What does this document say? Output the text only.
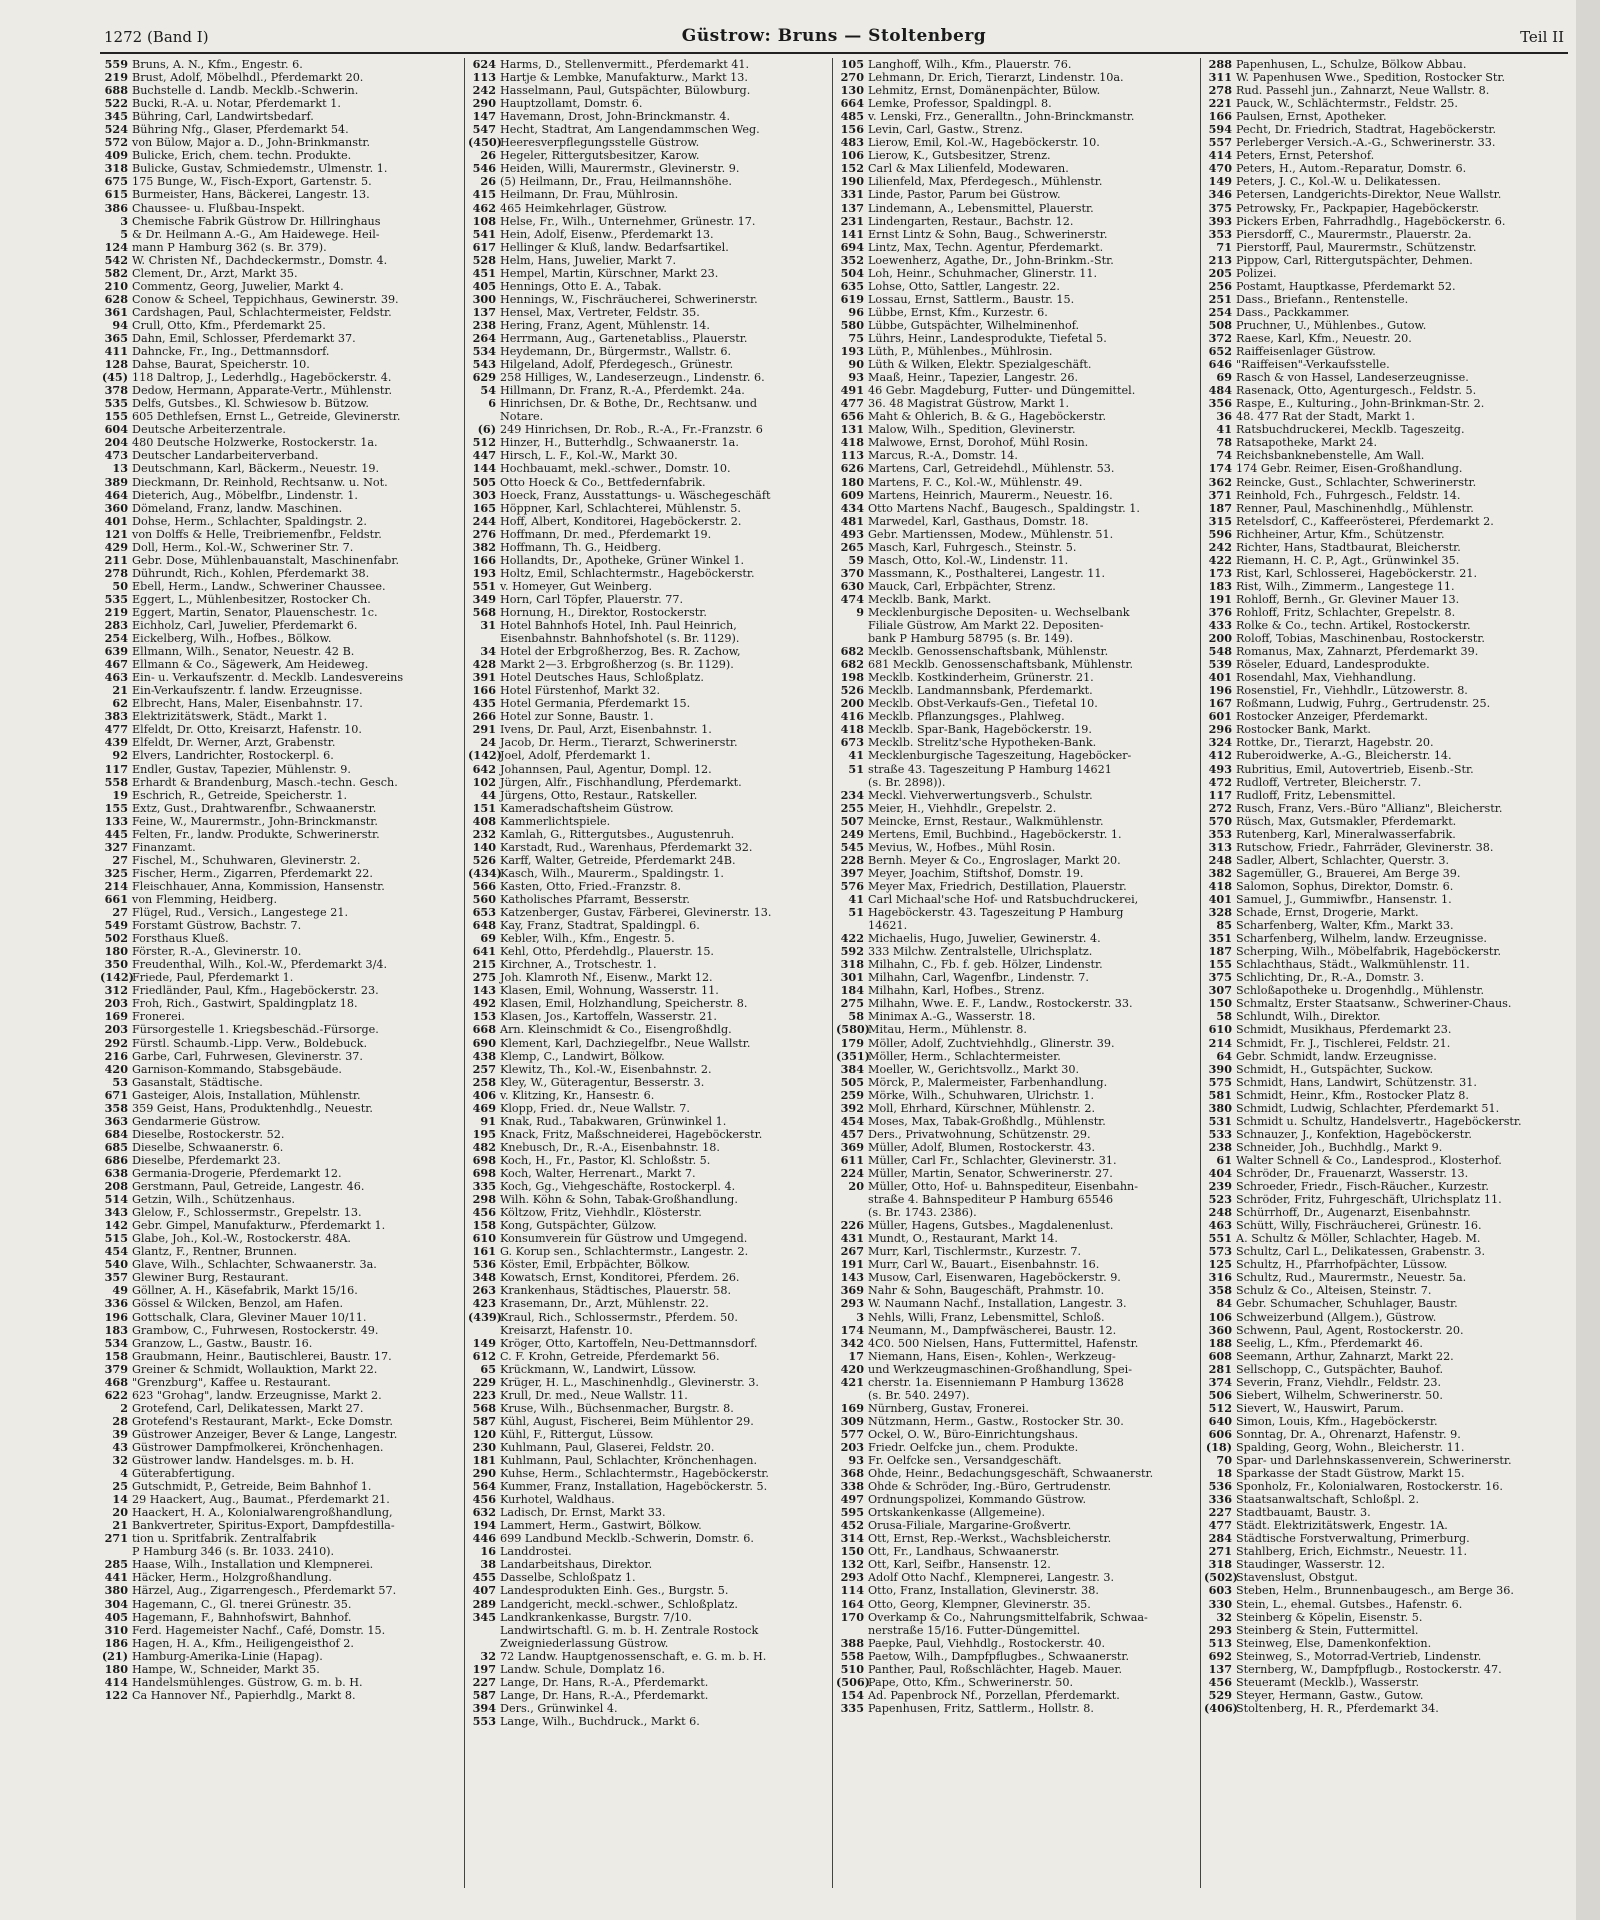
1272 (Band I)	Güstrow: Bruns — Stoltenberg	Teil II
559 Bruns, A. N., Kfm., Engestr. 6.
219 Brust, Adolf, Möbelhdl., Pferdemarkt 20.
688 Buchstelle d. Landb. Mecklb.-Schwerin.
522 Bucki, R.-A. u. Notar, Pferdemarkt 1.
345 Bühring, Carl, Landwirtsbedarf.
524 Bühring Nfg., Glaser, Pferdemarkt 54.
572 von Bülow, Major a. D., John-Brinkmanstr.
409 Bulicke, Erich, chem. techn. Produkte.
318 Bulicke, Gustav, Schmiedemstr., Ulmenstr. 1.
675 175 Bunge, W., Fisch-Export, Gartenstr. 5.
615 Burmeister, Hans, Bäckerei, Langestr. 13.
386 Chaussee- u. Flußbau-Inspekt.
3 Chemische Fabrik Güstrow Dr. Hillringhaus
5 & Dr. Heilmann A.-G., Am Haidewege. Heil-
124 mann P Hamburg 362 (s. Br. 379).
542 W. Christen Nf., Dachdeckermstr., Domstr. 4.
582 Clement, Dr., Arzt, Markt 35.
210 Commentz, Georg, Juwelier, Markt 4.
628 Conow & Scheel, Teppichhaus, Gewinerstr. 39.
361 Cardshagen, Paul, Schlachtermeister, Feldstr.
94 Crull, Otto, Kfm., Pferdemarkt 25.
365 Dahn, Emil, Schlosser, Pferdemarkt 37.
411 Dahncke, Fr., Ing., Dettmannsdorf.
128 Dahse, Baurat, Speicherstr. 10.
(45) 118 Daltrop, J., Lederhdlg., Hageböckerstr. 4.
378 Dedow, Hermann, Apparate-Vertr., Mühlenstr.
535 Delfs, Gutsbes., Kl. Schwiesow b. Bützow.
155 605 Dethlefsen, Ernst L., Getreide, Glevinerstr.
604 Deutsche Arbeiterzentrale.
204 480 Deutsche Holzwerke, Rostockerstr. 1a.
473 Deutscher Landarbeiterverband.
13 Deutschmann, Karl, Bäckerm., Neuestr. 19.
389 Dieckmann, Dr. Reinhold, Rechtsanw. u. Not.
464 Dieterich, Aug., Möbelfbr., Lindenstr. 1.
360 Dömeland, Franz, landw. Maschinen.
401 Dohse, Herm., Schlachter, Spaldingstr. 2.
121 von Dolffs & Helle, Treibriemenfbr., Feldstr.
429 Doll, Herm., Kol.-W., Schweriner Str. 7.
211 Gebr. Dose, Mühlenbauanstalt, Maschinenfabr.
278 Dührundt, Rich., Kohlen, Pferdemarkt 38.
50 Ebell, Herm., Landw., Schweriner Chaussee.
535 Eggert, L., Mühlenbesitzer, Rostocker Ch.
219 Eggert, Martin, Senator, Plauenschestr. 1c.
283 Eichholz, Carl, Juwelier, Pferdemarkt 6.
254 Eickelberg, Wilh., Hofbes., Bölkow.
639 Ellmann, Wilh., Senator, Neuestr. 42 B.
467 Ellmann & Co., Sägewerk, Am Heideweg.
463 Ein- u. Verkaufszentr. d. Mecklb. Landesvereins
21 Ein-Verkaufszentr. f. landw. Erzeugnisse.
62 Elbrecht, Hans, Maler, Eisenbahnstr. 17.
383 Elektrizitätswerk, Städt., Markt 1.
477 Elfeldt, Dr. Otto, Kreisarzt, Hafenstr. 10.
439 Elfeldt, Dr. Werner, Arzt, Grabenstr.
92 Elvers, Landrichter, Rostockerpl. 6.
117 Endler, Gustav, Tapezier, Mühlenstr. 9.
558 Erhardt & Brandenburg, Masch.-techn. Gesch.
19 Eschrich, R., Getreide, Speicherstr. 1.
155 Extz, Gust., Drahtwarenfbr., Schwaanerstr.
133 Feine, W., Maurermstr., John-Brinckmanstr.
445 Felten, Fr., landw. Produkte, Schwerinerstr.
327 Finanzamt.
27 Fischel, M., Schuhwaren, Glevinerstr. 2.
325 Fischer, Herm., Zigarren, Pferdemarkt 22.
214 Fleischhauer, Anna, Kommission, Hansenstr.
661 von Flemming, Heidberg.
27 Flügel, Rud., Versich., Langestege 21.
549 Forstamt Güstrow, Bachstr. 7.
502 Forsthaus Klueß.
180 Förster, R.-A., Glevinerstr. 10.
350 Freudenthal, Wilh., Kol.-W., Pferdemarkt 3/4.
(142)Friede, Paul, Pferdemarkt 1.
312 Friedländer, Paul, Kfm., Hageböckerstr. 23.
203 Froh, Rich., Gastwirt, Spaldingplatz 18.
169 Fronerei.
203 Fürsorgestelle 1. Kriegsbeschäd.-Fürsorge.
292 Fürstl. Schaumb.-Lipp. Verw., Boldebuck.
216 Garbe, Carl, Fuhrwesen, Glevinerstr. 37.
420 Garnison-Kommando, Stabsgebäude.
53 Gasanstalt, Städtische.
671 Gasteiger, Alois, Installation, Mühlenstr.
358 359 Geist, Hans, Produktenhdlg., Neuestr.
363 Gendarmerie Güstrow.
684 Dieselbe, Rostockerstr. 52.
685 Dieselbe, Schwaanerstr. 6.
686 Dieselbe, Pferdemarkt 23.
638 Germania-Drogerie, Pferdemarkt 12.
208 Gerstmann, Paul, Getreide, Langestr. 46.
514 Getzin, Wilh., Schützenhaus.
343 Glelow, F., Schlossermstr., Grepelstr. 13.
142 Gebr. Gimpel, Manufakturw., Pferdemarkt 1.
515 Glabe, Joh., Kol.-W., Rostockerstr. 48A.
454 Glantz, F., Rentner, Brunnen.
540 Glave, Wilh., Schlachter, Schwaanerstr. 3a.
357 Glewiner Burg, Restaurant.
49 Göllner, A. H., Käsefabrik, Markt 15/16.
336 Gössel & Wilcken, Benzol, am Hafen.
196 Gottschalk, Clara, Gleviner Mauer 10/11.
183 Grambow, C., Fuhrwesen, Rostockerstr. 49.
534 Granzow, L., Gastw., Baustr. 16.
158 Graubmann, Heinr., Bautischlerei, Baustr. 17.
379 Greiner & Schmidt, Wollauktion, Markt 22.
468 "Grenzburg", Kaffee u. Restaurant.
622 623 "Grohag", landw. Erzeugnisse, Markt 2.
2 Grotefend, Carl, Delikatessen, Markt 27.
28 Grotefend's Restaurant, Markt-, Ecke Domstr.
39 Güstrower Anzeiger, Bever & Lange, Langestr.
43 Güstrower Dampfmolkerei, Krönchenhagen.
32 Güstrower landw. Handelsges. m. b. H.
4 Güterabfertigung.
25 Gutschmidt, P., Getreide, Beim Bahnhof 1.
14 29 Haackert, Aug., Baumat., Pferdemarkt 21.
20 Haackert, H. A., Kolonialwarengroßhandlung,
21 Bankvertreter, Spiritus-Export, Dampfdestilla-
271 tion u. Spritfabrik. Zentralfabrik
P Hamburg 346 (s. Br. 1033. 2410).
285 Haase, Wilh., Installation und Klempnerei.
441 Häcker, Herm., Holzgroßhandlung.
380 Härzel, Aug., Zigarrengesch., Pferdemarkt 57.
304 Hagemann, C., Gl. tnerei Grünestr. 35.
405 Hagemann, F., Bahnhofswirt, Bahnhof.
310 Ferd. Hagemeister Nachf., Café, Domstr. 15.
186 Hagen, H. A., Kfm., Heiligengeisthof 2.
(21) Hamburg-Amerika-Linie (Hapag).
180 Hampe, W., Schneider, Markt 35.
414 Handelsmühlenges. Güstrow, G. m. b. H.
122 Ca Hannover Nf., Papierhdlg., Markt 8.
624 Harms, D., Stellenvermitt., Pferdemarkt 41.
113 Hartje & Lembke, Manufakturw., Markt 13.
242 Hasselmann, Paul, Gutspächter, Bülowburg.
290 Hauptzollamt, Domstr. 6.
147 Havemann, Drost, John-Brinckmanstr. 4.
547 Hecht, Stadtrat, Am Langendammschen Weg.
(450)Heeresverpflegungsstelle Güstrow.
26 Hegeler, Rittergutsbesitzer, Karow.
546 Heiden, Willi, Maurermstr., Glevinerstr. 9.
26 (5) Heilmann, Dr., Frau, Heilmannshöhe.
415 Heilmann, Dr. Frau, Mühlrosin.
462 465 Heimkehrlager, Güstrow.
108 Helse, Fr., Wilh., Unternehmer, Grünestr. 17.
541 Hein, Adolf, Eisenw., Pferdemarkt 13.
617 Hellinger & Kluß, landw. Bedarfsartikel.
528 Helm, Hans, Juwelier, Markt 7.
451 Hempel, Martin, Kürschner, Markt 23.
405 Hennings, Otto E. A., Tabak.
300 Hennings, W., Fischräucherei, Schwerinerstr.
137 Hensel, Max, Vertreter, Feldstr. 35.
238 Hering, Franz, Agent, Mühlenstr. 14.
264 Herrmann, Aug., Gartenetabliss., Plauerstr.
534 Heydemann, Dr., Bürgermstr., Wallstr. 6.
543 Hilgeland, Adolf, Pferdegesch., Grünestr.
629 258 Hilliges, W., Landeserzeugn., Lindenstr. 6.
54 Hillmann, Dr. Franz, R.-A., Pferdemkt. 24a.
6 Hinrichsen, Dr. & Bothe, Dr., Rechtsanw. und
Notare.
(6) 249 Hinrichsen, Dr. Rob., R.-A., Fr.-Franzstr. 6
512 Hinzer, H., Butterhdlg., Schwaanerstr. 1a.
447 Hirsch, L. F., Kol.-W., Markt 30.
144 Hochbauamt, mekl.-schwer., Domstr. 10.
505 Otto Hoeck & Co., Bettfedernfabrik.
303 Hoeck, Franz, Ausstattungs- u. Wäschegeschäft
165 Höppner, Karl, Schlachterei, Mühlenstr. 5.
244 Hoff, Albert, Konditorei, Hageböckerstr. 2.
276 Hoffmann, Dr. med., Pferdemarkt 19.
382 Hoffmann, Th. G., Heidberg.
166 Hollandts, Dr., Apotheke, Grüner Winkel 1.
193 Holtz, Emil, Schlachtermstr., Hageböckerstr.
551 v. Homeyer, Gut Weinberg.
349 Horn, Carl Töpfer, Plauerstr. 77.
568 Hornung, H., Direktor, Rostockerstr.
31 Hotel Bahnhofs Hotel, Inh. Paul Heinrich,
Eisenbahnstr. Bahnhofshotel (s. Br. 1129).
34 Hotel der Erbgroßherzog, Bes. R. Zachow,
428 Markt 2—3. Erbgroßherzog (s. Br. 1129).
391 Hotel Deutsches Haus, Schloßplatz.
166 Hotel Fürstenhof, Markt 32.
435 Hotel Germania, Pferdemarkt 15.
266 Hotel zur Sonne, Baustr. 1.
291 Ivens, Dr. Paul, Arzt, Eisenbahnstr. 1.
24 Jacob, Dr. Herm., Tierarzt, Schwerinerstr.
(142)Joel, Adolf, Pferdemarkt 1.
642 Johannsen, Paul, Agentur, Dompl. 12.
102 Jürgen, Alfr., Fischhandlung, Pferdemarkt.
44 Jürgens, Otto, Restaur., Ratskeller.
151 Kameradschaftsheim Güstrow.
408 Kammerlichtspiele.
232 Kamlah, G., Rittergutsbes., Augustenruh.
140 Karstadt, Rud., Warenhaus, Pferdemarkt 32.
526 Karff, Walter, Getreide, Pferdemarkt 24B.
(434)Kasch, Wilh., Maurerm., Spaldingstr. 1.
566 Kasten, Otto, Fried.-Franzstr. 8.
560 Katholisches Pfarramt, Besserstr.
653 Katzenberger, Gustav, Färberei, Glevinerstr. 13.
648 Kay, Franz, Stadtrat, Spaldingpl. 6.
69 Kebler, Wilh., Kfm., Engestr. 5.
641 Kehl, Otto, Pferdehdlg., Plauerstr. 15.
215 Kirchner, A., Trotschestr. 1.
275 Joh. Klamroth Nf., Eisenw., Markt 12.
143 Klasen, Emil, Wohnung, Wasserstr. 11.
492 Klasen, Emil, Holzhandlung, Speicherstr. 8.
153 Klasen, Jos., Kartoffeln, Wasserstr. 21.
668 Arn. Kleinschmidt & Co., Eisengroßhdlg.
690 Klement, Karl, Dachziegelfbr., Neue Wallstr.
438 Klemp, C., Landwirt, Bölkow.
257 Klewitz, Th., Kol.-W., Eisenbahnstr. 2.
258 Kley, W., Güteragentur, Besserstr. 3.
406 v. Klitzing, Kr., Hansestr. 6.
469 Klopp, Fried. dr., Neue Wallstr. 7.
91 Knak, Rud., Tabakwaren, Grünwinkel 1.
195 Knack, Fritz, Maßschneiderei, Hageböckerstr.
482 Knebusch, Dr., R.-A., Eisenbahnstr. 18.
698 Koch, H., Fr., Pastor, Kl. Schloßstr. 5.
698 Koch, Walter, Herrenart., Markt 7.
335 Koch, Gg., Viehgeschäfte, Rostockerpl. 4.
298 Wilh. Köhn & Sohn, Tabak-Großhandlung.
456 Költzow, Fritz, Viehhdlr., Klösterstr.
158 Kong, Gutspächter, Gülzow.
610 Konsumverein für Güstrow und Umgegend.
161 G. Korup sen., Schlachtermstr., Langestr. 2.
536 Köster, Emil, Erbpächter, Bölkow.
348 Kowatsch, Ernst, Konditorei, Pferdem. 26.
263 Krankenhaus, Städtisches, Plauerstr. 58.
423 Krasemann, Dr., Arzt, Mühlenstr. 22.
(439)Kraul, Rich., Schlossermstr., Pferdem. 50.
Kreisarzt, Hafenstr. 10.
149 Kröger, Otto, Kartoffeln, Neu-Dettmannsdorf.
612 C. F. Krohn, Getreide, Pferdemarkt 56.
65 Krückmann, W., Landwirt, Lüssow.
229 Krüger, H. L., Maschinenhdlg., Glevinerstr. 3.
223 Krull, Dr. med., Neue Wallstr. 11.
568 Kruse, Wilh., Büchsenmacher, Burgstr. 8.
587 Kühl, August, Fischerei, Beim Mühlentor 29.
120 Kühl, F., Rittergut, Lüssow.
230 Kuhlmann, Paul, Glaserei, Feldstr. 20.
181 Kuhlmann, Paul, Schlachter, Krönchenhagen.
290 Kuhse, Herm., Schlachtermstr., Hageböckerstr.
564 Kummer, Franz, Installation, Hageböckerstr. 5.
456 Kurhotel, Waldhaus.
632 Ladisch, Dr. Ernst, Markt 33.
194 Lammert, Herm., Gastwirt, Bölkow.
446 699 Landbund Mecklb.-Schwerin, Domstr. 6.
16 Landdrostei.
38 Landarbeitshaus, Direktor.
455 Dasselbe, Schloßpatz 1.
407 Landesprodukten Einh. Ges., Burgstr. 5.
289 Landgericht, meckl.-schwer., Schloßplatz.
345 Landkrankenkasse, Burgstr. 7/10.
Landwirtschaftl. G. m. b. H. Zentrale Rostock
Zweigniederlassung Güstrow.
32 72 Landw. Hauptgenossenschaft, e. G. m. b. H.
197 Landw. Schule, Domplatz 16.
227 Lange, Dr. Hans, R.-A., Pferdemarkt.
587 Lange, Dr. Hans, R.-A., Pferdemarkt.
394 Ders., Grünwinkel 4.
553 Lange, Wilh., Buchdruck., Markt 6.
105 Langhoff, Wilh., Kfm., Plauerstr. 76.
270 Lehmann, Dr. Erich, Tierarzt, Lindenstr. 10a.
130 Lehmitz, Ernst, Domänenpächter, Bülow.
664 Lemke, Professor, Spaldingpl. 8.
485 v. Lenski, Frz., Generalltn., John-Brinckmanstr.
156 Levin, Carl, Gastw., Strenz.
483 Lierow, Emil, Kol.-W., Hageböckerstr. 10.
106 Lierow, K., Gutsbesitzer, Strenz.
152 Carl & Max Lilienfeld, Modewaren.
190 Lilienfeld, Max, Pferdegesch., Mühlenstr.
331 Linde, Pastor, Parum bei Güstrow.
137 Lindemann, A., Lebensmittel, Plauerstr.
231 Lindengarten, Restaur., Bachstr. 12.
141 Ernst Lintz & Sohn, Baug., Schwerinerstr.
694 Lintz, Max, Techn. Agentur, Pferdemarkt.
352 Loewenherz, Agathe, Dr., John-Brinkm.-Str.
504 Loh, Heinr., Schuhmacher, Glinerstr. 11.
635 Lohse, Otto, Sattler, Langestr. 22.
619 Lossau, Ernst, Sattlerm., Baustr. 15.
96 Lübbe, Ernst, Kfm., Kurzestr. 6.
580 Lübbe, Gutspächter, Wilhelminenhof.
75 Lührs, Heinr., Landesprodukte, Tiefetal 5.
193 Lüth, P., Mühlenbes., Mühlrosin.
90 Lüth & Wilken, Elektr. Spezialgeschäft.
93 Maaß, Heinr., Tapezier, Langestr. 26.
491 46 Gebr. Magdeburg, Futter- und Düngemittel.
477 36. 48 Magistrat Güstrow, Markt 1.
656 Maht & Ohlerich, B. & G., Hageböckerstr.
131 Malow, Wilh., Spedition, Glevinerstr.
418 Malwowe, Ernst, Dorohof, Mühl Rosin.
113 Marcus, R.-A., Domstr. 14.
626 Martens, Carl, Getreidehdl., Mühlenstr. 53.
180 Martens, F. C., Kol.-W., Mühlenstr. 49.
609 Martens, Heinrich, Maurerm., Neuestr. 16.
434 Otto Martens Nachf., Baugesch., Spaldingstr. 1.
481 Marwedel, Karl, Gasthaus, Domstr. 18.
493 Gebr. Martienssen, Modew., Mühlenstr. 51.
265 Masch, Karl, Fuhrgesch., Steinstr. 5.
59 Masch, Otto, Kol.-W., Lindenstr. 11.
370 Massmann, K., Posthalterei, Langestr. 11.
630 Mauck, Carl, Erbpächter, Strenz.
474 Mecklb. Bank, Markt.
9 Mecklenburgische Depositen- u. Wechselbank
Filiale Güstrow, Am Markt 22. Depositen-
bank P Hamburg 58795 (s. Br. 149).
682 Mecklb. Genossenschaftsbank, Mühlenstr.
682 681 Mecklb. Genossenschaftsbank, Mühlenstr.
198 Mecklb. Kostkinderheim, Grünerstr. 21.
526 Mecklb. Landmannsbank, Pferdemarkt.
200 Mecklb. Obst-Verkaufs-Gen., Tiefetal 10.
416 Mecklb. Pflanzungsges., Plahlweg.
418 Mecklb. Spar-Bank, Hageböckerstr. 19.
673 Mecklb. Strelitz'sche Hypotheken-Bank.
41 Mecklenburgische Tageszeitung, Hageböcker-
51 straße 43. Tageszeitung P Hamburg 14621
(s. Br. 2898)).
234 Meckl. Viehverwertungsverb., Schulstr.
255 Meier, H., Viehhdlr., Grepelstr. 2.
507 Meincke, Ernst, Restaur., Walkmühlenstr.
249 Mertens, Emil, Buchbind., Hageböckerstr. 1.
545 Mevius, W., Hofbes., Mühl Rosin.
228 Bernh. Meyer & Co., Engroslager, Markt 20.
397 Meyer, Joachim, Stiftshof, Domstr. 19.
576 Meyer Max, Friedrich, Destillation, Plauerstr.
41 Carl Michaal'sche Hof- und Ratsbuchdruckerei,
51 Hageböckerstr. 43. Tageszeitung P Hamburg
14621.
422 Michaelis, Hugo, Juwelier, Gewinerstr. 4.
592 333 Milchw. Zentralstelle, Ulrichsplatz.
318 Milhahn, C., Fb. f. geb. Hölzer, Lindenstr.
301 Milhahn, Carl, Wagenfbr., Lindenstr. 7.
184 Milhahn, Karl, Hofbes., Strenz.
275 Milhahn, Wwe. E. F., Landw., Rostockerstr. 33.
58 Minimax A.-G., Wasserstr. 18.
(580)Mitau, Herm., Mühlenstr. 8.
179 Möller, Adolf, Zuchtviehhdlg., Glinerstr. 39.
(351)Möller, Herm., Schlachtermeister.
384 Moeller, W., Gerichtsvollz., Markt 30.
505 Mörck, P., Malermeister, Farbenhandlung.
259 Mörke, Wilh., Schuhwaren, Ulrichstr. 1.
392 Moll, Ehrhard, Kürschner, Mühlenstr. 2.
454 Moses, Max, Tabak-Großhdlg., Mühlenstr.
457 Ders., Privatwohnung, Schützenstr. 29.
369 Müller, Adolf, Blumen, Rostockerstr. 43.
611 Müller, Carl Fr., Schlachter, Glevinerstr. 31.
224 Müller, Martin, Senator, Schwerinerstr. 27.
20 Müller, Otto, Hof- u. Bahnspediteur, Eisenbahn-
straße 4. Bahnspediteur P Hamburg 65546
(s. Br. 1743. 2386).
226 Müller, Hagens, Gutsbes., Magdalenenlust.
431 Mundt, O., Restaurant, Markt 14.
267 Murr, Karl, Tischlermstr., Kurzestr. 7.
191 Murr, Carl W., Bauart., Eisenbahnstr. 16.
143 Musow, Carl, Eisenwaren, Hageböckerstr. 9.
369 Nahr & Sohn, Baugeschäft, Prahmstr. 10.
293 W. Naumann Nachf., Installation, Langestr. 3.
3 Nehls, Willi, Franz, Lebensmittel, Schloß.
174 Neumann, M., Dampfwäscherei, Baustr. 12.
342 4C0. 500 Nielsen, Hans, Futtermittel, Hafenstr.
17 Niemann, Hans, Eisen-, Kohlen-, Werkzeug-
420 und Werkzeugmaschinen-Großhandlung, Spei-
421 cherstr. 1a. Eisenniemann P Hamburg 13628
(s. Br. 540. 2497).
169 Nürnberg, Gustav, Fronerei.
309 Nützmann, Herm., Gastw., Rostocker Str. 30.
577 Ockel, O. W., Büro-Einrichtungshaus.
203 Friedr. Oelfcke jun., chem. Produkte.
93 Fr. Oelfcke sen., Versandgeschäft.
368 Ohde, Heinr., Bedachungsgeschäft, Schwaanerstr.
338 Ohde & Schröder, Ing.-Büro, Gertrudenstr.
497 Ordnungspolizei, Kommando Güstrow.
595 Ortskankenkasse (Allgemeine).
452 Orusa-Filiale, Margarine-Großvertr.
314 Ott, Ernst, Rep.-Werkst., Wachsbleicherstr.
150 Ott, Fr., Landhaus, Schwaanerstr.
132 Ott, Karl, Seifbr., Hansenstr. 12.
293 Adolf Otto Nachf., Klempnerei, Langestr. 3.
114 Otto, Franz, Installation, Glevinerstr. 38.
164 Otto, Georg, Klempner, Glevinerstr. 35.
170 Overkamp & Co., Nahrungsmittelfabrik, Schwaa-
nerstraße 15/16. Futter-Düngemittel.
388 Paepke, Paul, Viehhdlg., Rostockerstr. 40.
558 Paetow, Wilh., Dampfpflugbes., Schwaanerstr.
510 Panther, Paul, Roßschlächter, Hageb. Mauer.
(506)Pape, Otto, Kfm., Schwerinerstr. 50.
154 Ad. Papenbrock Nf., Porzellan, Pferdemarkt.
335 Papenhusen, Fritz, Sattlerm., Hollstr. 8.
288 Papenhusen, L., Schulze, Bölkow Abbau.
311 W. Papenhusen Wwe., Spedition, Rostocker Str.
278 Rud. Passehl jun., Zahnarzt, Neue Wallstr. 8.
221 Pauck, W., Schlächtermstr., Feldstr. 25.
166 Paulsen, Ernst, Apotheker.
594 Pecht, Dr. Friedrich, Stadtrat, Hageböckerstr.
557 Perleberger Versich.-A.-G., Schwerinerstr. 33.
414 Peters, Ernst, Petershof.
470 Peters, H., Autom.-Reparatur, Domstr. 6.
149 Peters, J. C., Kol.-W. u. Delikatessen.
346 Petersen, Landgerichts-Direktor, Neue Wallstr.
375 Petrowsky, Fr., Packpapier, Hageböckerstr.
393 Pickers Erben, Fahrradhdlg., Hageböckerstr. 6.
353 Piersdorff, C., Maurermstr., Plauerstr. 2a.
71 Pierstorff, Paul, Maurermstr., Schützenstr.
213 Pippow, Carl, Rittergutspächter, Dehmen.
205 Polizei.
256 Postamt, Hauptkasse, Pferdemarkt 52.
251 Dass., Briefann., Rentenstelle.
254 Dass., Packkammer.
508 Pruchner, U., Mühlenbes., Gutow.
372 Raese, Karl, Kfm., Neuestr. 20.
652 Raiffeisenlager Güstrow.
646 "Raiffeisen"-Verkaufsstelle.
69 Rasch & von Hassel, Landeserzeugnisse.
484 Rasenack, Otto, Agenturgesch., Feldstr. 5.
356 Raspe, E., Kulturing., John-Brinkman-Str. 2.
36 48. 477 Rat der Stadt, Markt 1.
41 Ratsbuchdruckerei, Mecklb. Tageszeitg.
78 Ratsapotheke, Markt 24.
74 Reichsbanknebenstelle, Am Wall.
174 174 Gebr. Reimer, Eisen-Großhandlung.
362 Reincke, Gust., Schlachter, Schwerinerstr.
371 Reinhold, Fch., Fuhrgesch., Feldstr. 14.
187 Renner, Paul, Maschinenhdlg., Mühlenstr.
315 Retelsdorf, C., Kaffeerösterei, Pferdemarkt 2.
596 Richheiner, Artur, Kfm., Schützenstr.
242 Richter, Hans, Stadtbaurat, Bleicherstr.
422 Riemann, H. C. P., Agt., Grünwinkel 35.
173 Rist, Karl, Schlosserei, Hageböckerstr. 21.
183 Rist, Wilh., Zimmerm., Langestege 11.
191 Rohloff, Bernh., Gr. Gleviner Mauer 13.
376 Rohloff, Fritz, Schlachter, Grepelstr. 8.
433 Rolke & Co., techn. Artikel, Rostockerstr.
200 Roloff, Tobias, Maschinenbau, Rostockerstr.
548 Romanus, Max, Zahnarzt, Pferdemarkt 39.
539 Röseler, Eduard, Landesprodukte.
401 Rosendahl, Max, Viehhandlung.
196 Rosenstiel, Fr., Viehhdlr., Lützowerstr. 8.
167 Roßmann, Ludwig, Fuhrg., Gertrudenstr. 25.
601 Rostocker Anzeiger, Pferdemarkt.
296 Rostocker Bank, Markt.
324 Rottke, Dr., Tierarzt, Hagebstr. 20.
412 Ruberoidwerke, A.-G., Bleicherstr. 14.
493 Rubritius, Emil, Autovertrieb, Eisenb.-Str.
472 Rudloff, Vertreter, Bleicherstr. 7.
117 Rudloff, Fritz, Lebensmittel.
272 Rusch, Franz, Vers.-Büro "Allianz", Bleicherstr.
570 Rüsch, Max, Gutsmakler, Pferdemarkt.
353 Rutenberg, Karl, Mineralwasserfabrik.
313 Rutschow, Friedr., Fahrräder, Glevinerstr. 38.
248 Sadler, Albert, Schlachter, Querstr. 3.
382 Sagemüller, G., Brauerei, Am Berge 39.
418 Salomon, Sophus, Direktor, Domstr. 6.
401 Samuel, J., Gummiwfbr., Hansenstr. 1.
328 Schade, Ernst, Drogerie, Markt.
85 Scharfenberg, Walter, Kfm., Markt 33.
351 Scharfenberg, Wilhelm, landw. Erzeugnisse.
187 Scherping, Wilh., Möbelfabrik, Hageböckerstr.
155 Schlachthaus, Städt., Walkmühlenstr. 11.
375 Schlichting, Dr., R.-A., Domstr. 3.
307 Schloßapotheke u. Drogenhdlg., Mühlenstr.
150 Schmaltz, Erster Staatsanw., Schweriner-Chaus.
58 Schlundt, Wilh., Direktor.
610 Schmidt, Musikhaus, Pferdemarkt 23.
214 Schmidt, Fr. J., Tischlerei, Feldstr. 21.
64 Gebr. Schmidt, landw. Erzeugnisse.
390 Schmidt, H., Gutspächter, Suckow.
575 Schmidt, Hans, Landwirt, Schützenstr. 31.
581 Schmidt, Heinr., Kfm., Rostocker Platz 8.
380 Schmidt, Ludwig, Schlachter, Pferdemarkt 51.
531 Schmidt u. Schultz, Handelsvertr., Hageböckerstr.
533 Schnauzer, J., Konfektion, Hageböckerstr.
238 Schneider, Joh., Buchhdlg., Markt 9.
61 Walter Schnell & Co., Landesprod., Klosterhof.
404 Schröder, Dr., Frauenarzt, Wasserstr. 13.
239 Schroeder, Friedr., Fisch-Räucher., Kurzestr.
523 Schröder, Fritz, Fuhrgeschäft, Ulrichsplatz 11.
248 Schürrhoff, Dr., Augenarzt, Eisenbahnstr.
463 Schütt, Willy, Fischräucherei, Grünestr. 16.
551 A. Schultz & Möller, Schlachter, Hageb. M.
573 Schultz, Carl L., Delikatessen, Grabenstr. 3.
125 Schultz, H., Pfarrhofpächter, Lüssow.
316 Schultz, Rud., Maurermstr., Neuestr. 5a.
358 Schulz & Co., Alteisen, Steinstr. 7.
84 Gebr. Schumacher, Schuhlager, Baustr.
106 Schweizerbund (Allgem.), Güstrow.
360 Schwenn, Paul, Agent, Rostockerstr. 20.
188 Seelig, L., Kfm., Pferdemarkt 46.
608 Seemann, Arthur, Zahnarzt, Markt 22.
281 Sellschopp, C., Gutspächter, Bauhof.
374 Severin, Franz, Viehdlr., Feldstr. 23.
506 Siebert, Wilhelm, Schwerinerstr. 50.
512 Sievert, W., Hauswirt, Parum.
640 Simon, Louis, Kfm., Hageböckerstr.
606 Sonntag, Dr. A., Ohrenarzt, Hafenstr. 9.
(18) Spalding, Georg, Wohn., Bleicherstr. 11.
70 Spar- und Darlehnskassenverein, Schwerinerstr.
18 Sparkasse der Stadt Güstrow, Markt 15.
536 Sponholz, Fr., Kolonialwaren, Rostockerstr. 16.
336 Staatsanwaltschaft, Schloßpl. 2.
227 Stadtbauamt, Baustr. 3.
477 Städt. Elektrizitätswerk, Engestr. 1A.
284 Städtische Forstverwaltung, Primerburg.
271 Stahlberg, Erich, Eichmstr., Neuestr. 11.
318 Staudinger, Wasserstr. 12.
(502)Stavenslust, Obstgut.
603 Steben, Helm., Brunnenbaugesch., am Berge 36.
330 Stein, L., ehemal. Gutsbes., Hafenstr. 6.
32 Steinberg & Köpelin, Eisenstr. 5.
293 Steinberg & Stein, Futtermittel.
513 Steinweg, Else, Damenkonfektion.
692 Steinweg, S., Motorrad-Vertrieb, Lindenstr.
137 Sternberg, W., Dampfpflugb., Rostockerstr. 47.
456 Steueramt (Mecklb.), Wasserstr.
529 Steyer, Hermann, Gastw., Gutow.
(406)Stoltenberg, H. R., Pferdemarkt 34.
